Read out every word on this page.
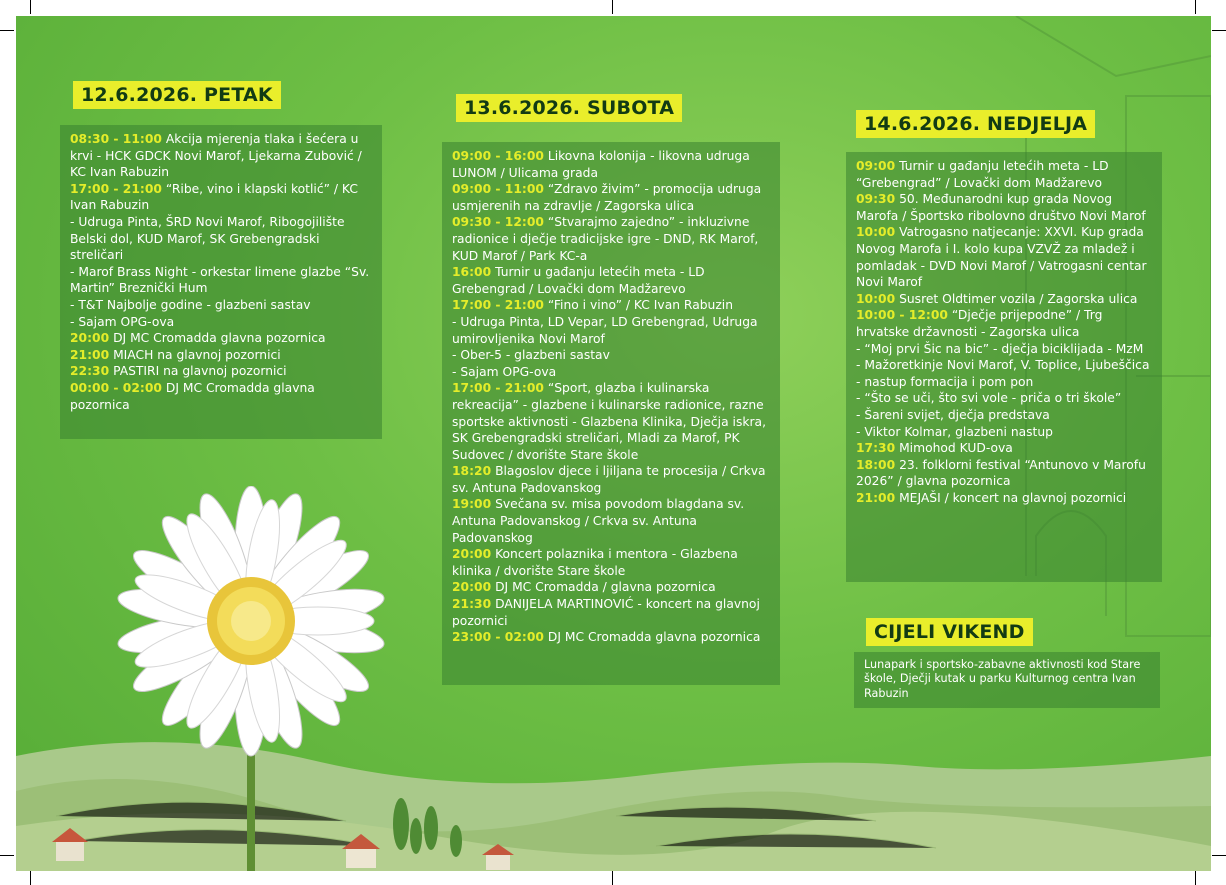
12.6.2026. PETAK

08:30 - 11:00 Akcija mjerenja tlaka i šećera u krvi - HCK GDCK Novi Marof, Ljekarna Zubović / KC Ivan Rabuzin

17:00 - 21:00 “Ribe, vino i klapski kotlić” / KC Ivan Rabuzin

- Udruga Pinta, ŠRD Novi Marof, Ribogojilište Belski dol, KUD Marof, SK Grebengradski streličari

- Marof Brass Night - orkestar limene glazbe “Sv. Martin” Breznički Hum

- T&T Najbolje godine - glazbeni sastav

- Sajam OPG-ova

20:00 DJ MC Cromadda glavna pozornica

21:00 MIACH na glavnoj pozornici

22:30 PASTIRI na glavnoj pozornici

00:00 - 02:00 DJ MC Cromadda glavna pozornica

13.6.2026. SUBOTA

09:00 - 16:00 Likovna kolonija - likovna udruga LUNOM / Ulicama grada

09:00 - 11:00 “Zdravo živim” - promocija udruga usmjerenih na zdravlje / Zagorska ulica

09:30 - 12:00 “Stvarajmo zajedno” - inkluzivne radionice i dječje tradicijske igre - DND, RK Marof, KUD Marof / Park KC-a

16:00 Turnir u gađanju letećih meta - LD Grebengrad / Lovački dom Madžarevo

17:00 - 21:00 “Fino i vino” / KC Ivan Rabuzin

- Udruga Pinta, LD Vepar, LD Grebengrad, Udruga umirovljenika Novi Marof

- Ober-5 - glazbeni sastav

- Sajam OPG-ova

17:00 - 21:00 “Sport, glazba i kulinarska rekreacija” - glazbene i kulinarske radionice, razne sportske aktivnosti - Glazbena Klinika, Dječja iskra, SK Grebengradski streličari, Mladi za Marof, PK Sudovec / dvorište Stare škole

18:20 Blagoslov djece i ljiljana te procesija / Crkva sv. Antuna Padovanskog

19:00 Svečana sv. misa povodom blagdana sv. Antuna Padovanskog / Crkva sv. Antuna Padovanskog

20:00 Koncert polaznika i mentora - Glazbena klinika / dvorište Stare škole

20:00 DJ MC Cromadda / glavna pozornica

21:30 DANIJELA MARTINOVIĆ - koncert na glavnoj pozornici

23:00 - 02:00 DJ MC Cromadda glavna pozornica

14.6.2026. NEDJELJA

09:00 Turnir u gađanju letećih meta - LD “Grebengrad” / Lovački dom Madžarevo

09:30 50. Međunarodni kup grada Novog Marofa / Športsko ribolovno društvo Novi Marof

10:00 Vatrogasno natjecanje: XXVI. Kup grada Novog Marofa i I. kolo kupa VZVŽ za mladež i pomladak - DVD Novi Marof / Vatrogasni centar Novi Marof

10:00 Susret Oldtimer vozila / Zagorska ulica

10:00 - 12:00 “Dječje prijepodne” / Trg hrvatske državnosti - Zagorska ulica

- “Moj prvi Šic na bic” - dječja biciklijada - MzM

- Mažoretkinje Novi Marof, V. Toplice, Ljubeščica - nastup formacija i pom pon

- “Što se uči, što svi vole - priča o tri škole”

- Šareni svijet, dječja predstava

- Viktor Kolmar, glazbeni nastup

17:30 Mimohod KUD-ova

18:00 23. folklorni festival “Antunovo v Marofu 2026” / glavna pozornica

21:00 MEJAŠI / koncert na glavnoj pozornici

CIJELI VIKEND

Lunapark i sportsko-zabavne aktivnosti kod Stare škole, Dječji kutak u parku Kulturnog centra Ivan Rabuzin
